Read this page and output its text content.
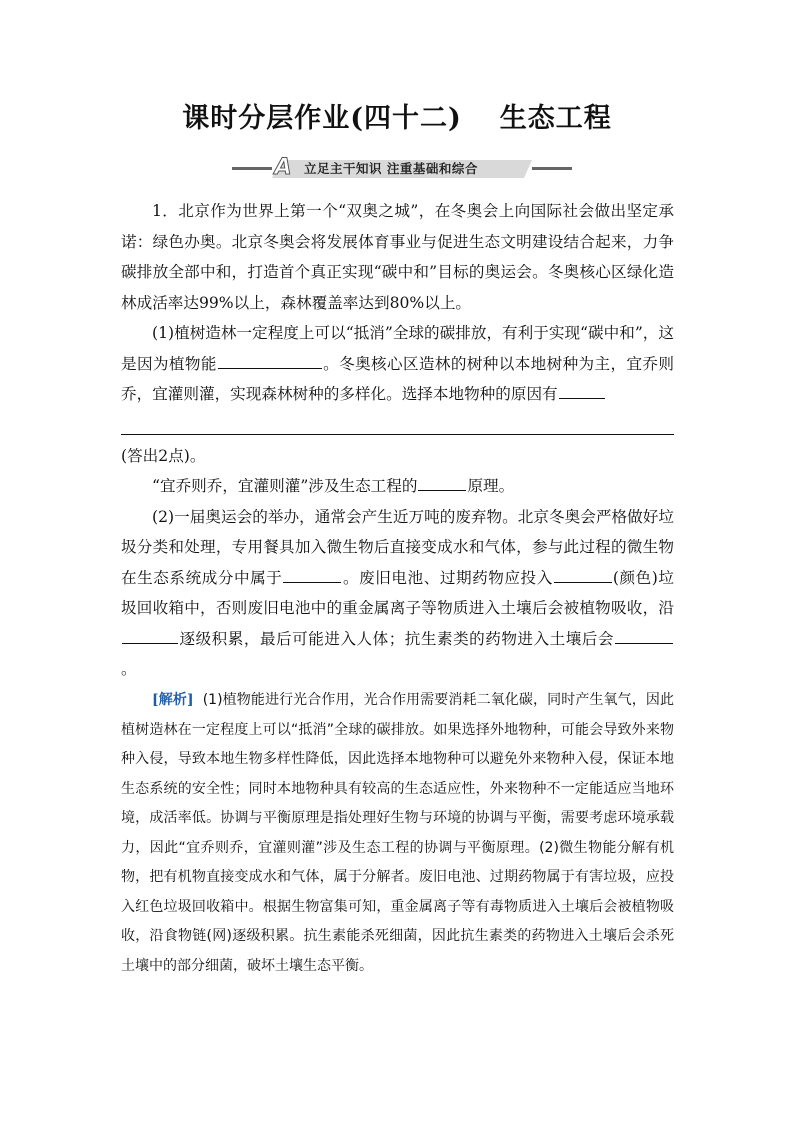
课时分层作业(四十二) 生态工程
A 立足主干知识 注重基础和综合

1．北京作为世界上第一个“双奥之城”，在冬奥会上向国际社会做出坚定承诺：绿色办奥。北京冬奥会将发展体育事业与促进生态文明建设结合起来，力争碳排放全部中和，打造首个真正实现“碳中和”目标的奥运会。冬奥核心区绿化造林成活率达99%以上，森林覆盖率达到80%以上。

(1)植树造林一定程度上可以“抵消”全球的碳排放，有利于实现“碳中和”，这是因为植物能	。冬奥核心区造林的树种以本地树种为主，宜乔则乔，宜灌则灌，实现森林树种的多样化。选择本地物种的原因有

(答出2点)。

“宜乔则乔，宜灌则灌”涉及生态工程的	原理。

(2)一届奥运会的举办，通常会产生近万吨的废弃物。北京冬奥会严格做好垃圾分类和处理，专用餐具加入微生物后直接变成水和气体，参与此过程的微生物在生态系统成分中属于	。废旧电池、过期药物应投入	(颜色)垃圾回收箱中，否则废旧电池中的重金属离子等物质进入土壤后会被植物吸收，沿逐级积累，最后可能进入人体；抗生素类的药物进入土壤后会。

[解析] (1)植物能进行光合作用，光合作用需要消耗二氧化碳，同时产生氧气，因此植树造林在一定程度上可以“抵消”全球的碳排放。如果选择外地物种，可能会导致外来物种入侵，导致本地生物多样性降低，因此选择本地物种可以避免外来物种入侵，保证本地生态系统的安全性；同时本地物种具有较高的生态适应性，外来物种不一定能适应当地环境，成活率低。协调与平衡原理是指处理好生物与环境的协调与平衡，需要考虑环境承载力，因此“宜乔则乔，宜灌则灌”涉及生态工程的协调与平衡原理。(2)微生物能分解有机物，把有机物直接变成水和气体，属于分解者。废旧电池、过期药物属于有害垃圾，应投入红色垃圾回收箱中。根据生物富集可知，重金属离子等有毒物质进入土壤后会被植物吸收，沿食物链(网)逐级积累。抗生素能杀死细菌，因此抗生素类的药物进入土壤后会杀死土壤中的部分细菌，破坏土壤生态平衡。
